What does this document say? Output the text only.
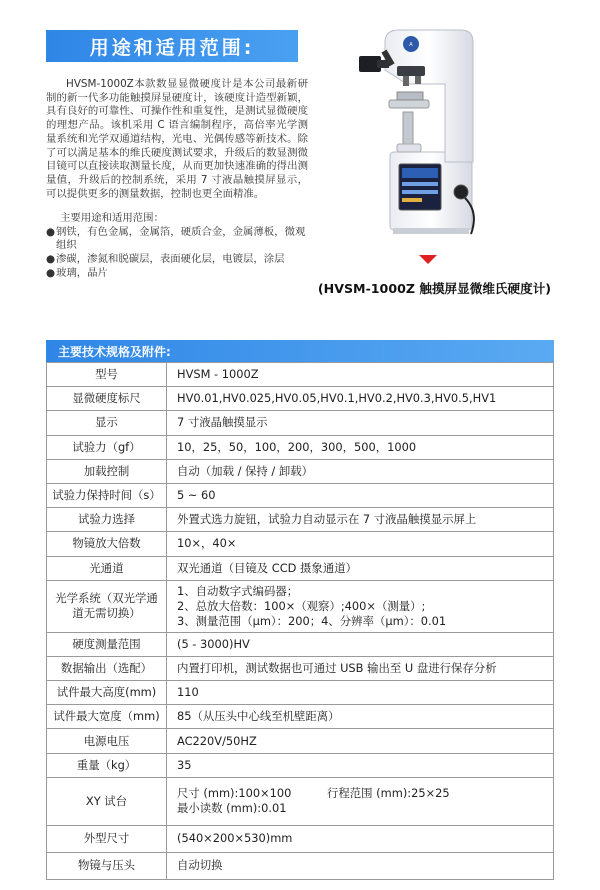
用途和适用范围:

HVSM-1000Z本款数显显微硬度计是本公司最新研制的新一代多功能触摸屏显硬度计，该硬度计造型新颖，具有良好的可靠性、可操作性和重复性，是测试显微硬度的理想产品。该机采用 C 语言编制程序，高倍率光学测量系统和光学双通道结构，光电、光偶传感等新技术。除了可以满足基本的维氏硬度测试要求，升级后的数显测微目镜可以直接读取测量长度，从而更加快速准确的得出测量值，升级后的控制系统，采用 7 寸液晶触摸屏显示，可以提供更多的测量数据，控制也更全面精准。

主要用途和适用范围：
● 钢铁，有色金属，金属箔，硬质合金，金属薄板，微观组织
● 渗碳，渗氮和脱碳层，表面硬化层，电镀层，涂层
● 玻璃，晶片
A
(HVSM-1000Z 触摸屏显微维氏硬度计)
主要技术规格及附件:
型号	HVSM - 1000Z
显微硬度标尺	HV0.01,HV0.025,HV0.05,HV0.1,HV0.2,HV0.3,HV0.5,HV1
显示	7 寸液晶触摸显示
试验力（gf）	10，25，50，100，200，300，500，1000
加载控制	自动（加载 / 保持 / 卸载）
试验力保持时间（s）	5 ~ 60
试验力选择	外置式选力旋钮，试验力自动显示在 7 寸液晶触摸显示屏上
物镜放大倍数	10×，40×
光通道	双光通道（目镜及 CCD 摄象通道）
光学系统（双光学通道无需切换）	1、自动数字式编码器；
2、总放大倍数：100×（观察）;400×（测量）;
3、测量范围（μm）：200；4、分辨率（μm）：0.01

硬度测量范围	(5 - 3000)HV
数据输出（选配）	内置打印机，测试数据也可通过 USB 输出至 U 盘进行保存分析
试件最大高度(mm)	110
试件最大宽度（mm)	85（从压头中心线至机壁距离）
电源电压	AC220V/50HZ
重量（kg）	35
XY 试台	尺寸 (mm):100×100 行程范围 (mm):25×25
最小读数 (mm):0.01

外型尺寸	(540×200×530)mm
物镜与压头	自动切换
